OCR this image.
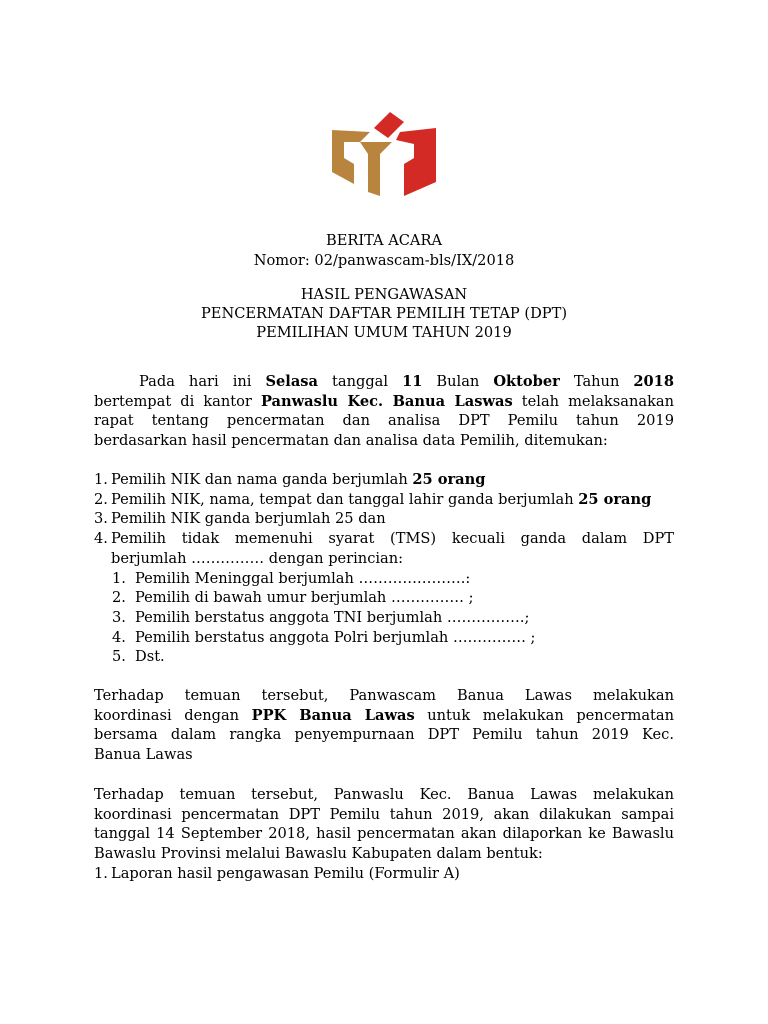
BERITA ACARA
Nomor: 02/panwascam-bls/IX/2018
HASIL PENGAWASAN
PENCERMATAN DAFTAR PEMILIH TETAP (DPT)
PEMILIHAN UMUM TAHUN 2019
Pada hari ini Selasa tanggal 11 Bulan Oktober Tahun 2018
bertempat di kantor Panwaslu Kec. Banua Laswas telah melaksanakan
rapat tentang pencermatan dan analisa DPT Pemilu tahun 2019
berdasarkan hasil pencermatan dan analisa data Pemilih, ditemukan:
1. Pemilih NIK dan nama ganda berjumlah 25 orang
2. Pemilih NIK, nama, tempat dan tanggal lahir ganda berjumlah 25 orang
3. Pemilih NIK ganda berjumlah 25 dan
4. Pemilih tidak memenuhi syarat (TMS) kecuali ganda dalam DPT
berjumlah …………… dengan perincian:
1. Pemilih Meninggal berjumlah ………………….:
2. Pemilih di bawah umur berjumlah …………… ;
3. Pemilih berstatus anggota TNI berjumlah …………….;
4. Pemilih berstatus anggota Polri berjumlah …………… ;
5. Dst.
Terhadap temuan tersebut, Panwascam Banua Lawas melakukan
koordinasi dengan PPK Banua Lawas untuk melakukan pencermatan
bersama dalam rangka penyempurnaan DPT Pemilu tahun 2019 Kec.
Banua Lawas
Terhadap temuan tersebut, Panwaslu Kec. Banua Lawas melakukan
koordinasi pencermatan DPT Pemilu tahun 2019, akan dilakukan sampai
tanggal 14 September 2018, hasil pencermatan akan dilaporkan ke Bawaslu
Bawaslu Provinsi melalui Bawaslu Kabupaten dalam bentuk:
1. Laporan hasil pengawasan Pemilu (Formulir A)
